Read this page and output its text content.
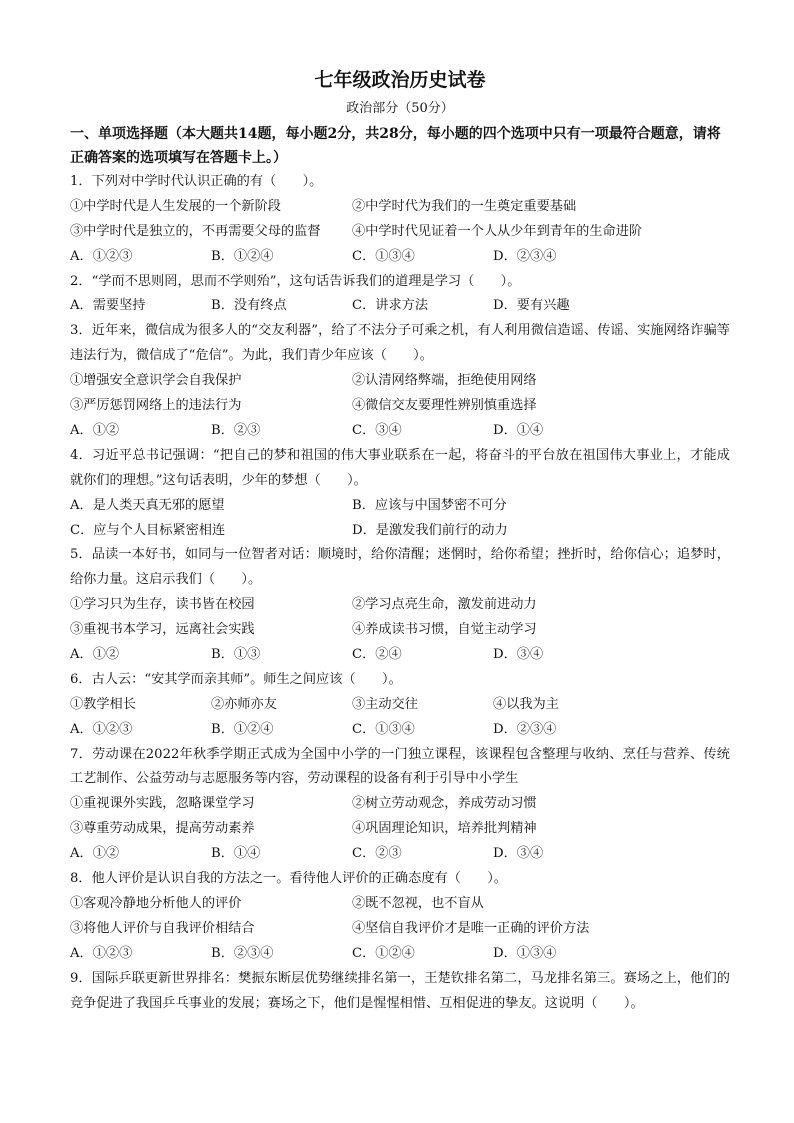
七年级政治历史试卷
政治部分（50分）
一、单项选择题（本大题共14题，每小题2分，共28分，每小题的四个选项中只有一项最符合题意，请将正确答案的选项填写在答题卡上。）
1．下列对中学时代认识正确的有（　　）。
①中学时代是人生发展的一个新阶段	②中学时代为我们的一生奠定重要基础
③中学时代是独立的，不再需要父母的监督	④中学时代见证着一个人从少年到青年的生命进阶
A．①②③	B．①②④	C．①③④	D．②③④
2．“学而不思则罔，思而不学则殆”，这句话告诉我们的道理是学习（　　）。
A．需要坚持	B．没有终点	C．讲求方法	D．要有兴趣
3．近年来，微信成为很多人的“交友利器”，给了不法分子可乘之机，有人利用微信造谣、传谣、实施网络诈骗等违法行为，微信成了“危信”。为此，我们青少年应该（　　）。
①增强安全意识学会自我保护	②认清网络弊端，拒绝使用网络
③严厉惩罚网络上的违法行为	④微信交友要理性辨别慎重选择
A．①②	B．②③	C．③④	D．①④
4．习近平总书记强调：“把自己的梦和祖国的伟大事业联系在一起，将奋斗的平台放在祖国伟大事业上，才能成就你们的理想。”这句话表明，少年的梦想（　　）。
A．是人类天真无邪的愿望	B．应该与中国梦密不可分
C．应与个人目标紧密相连	D．是激发我们前行的动力
5．品读一本好书，如同与一位智者对话：顺境时，给你清醒；迷惘时，给你希望；挫折时，给你信心；追梦时，给你力量。这启示我们（　　）。
①学习只为生存，读书皆在校园	②学习点亮生命，激发前进动力
③重视书本学习，远离社会实践	④养成读书习惯，自觉主动学习
A．①②	B．①③	C．②④	D．③④
6．古人云：“安其学而亲其师”。师生之间应该（　　）。
①教学相长	②亦师亦友	③主动交往	④以我为主
A．①②③	B．①②④	C．①③④	D．②③④
7．劳动课在2022年秋季学期正式成为全国中小学的一门独立课程，该课程包含整理与收纳、烹任与营养、传统工艺制作、公益劳动与志愿服务等内容，劳动课程的设备有利于引导中小学生
①重视课外实践，忽略课堂学习	②树立劳动观念，养成劳动习惯
③尊重劳动成果，提高劳动素养	④巩固理论知识，培养批判精神
A．①②	B．①④	C．②③	D．③④
8．他人评价是认识自我的方法之一。看待他人评价的正确态度有（　　）。
①客观冷静地分析他人的评价	②既不忽视，也不盲从
③将他人评价与自我评价相结合	④坚信自我评价才是唯一正确的评价方法
A．①②③	B．②③④	C．①②④	D．①③④
9．国际乒联更新世界排名：樊振东断层优势继续排名第一，王楚钦排名第二，马龙排名第三。赛场之上，他们的竞争促进了我国乒乓事业的发展；赛场之下，他们是惺惺相惜、互相促进的挚友。这说明（　　）。
